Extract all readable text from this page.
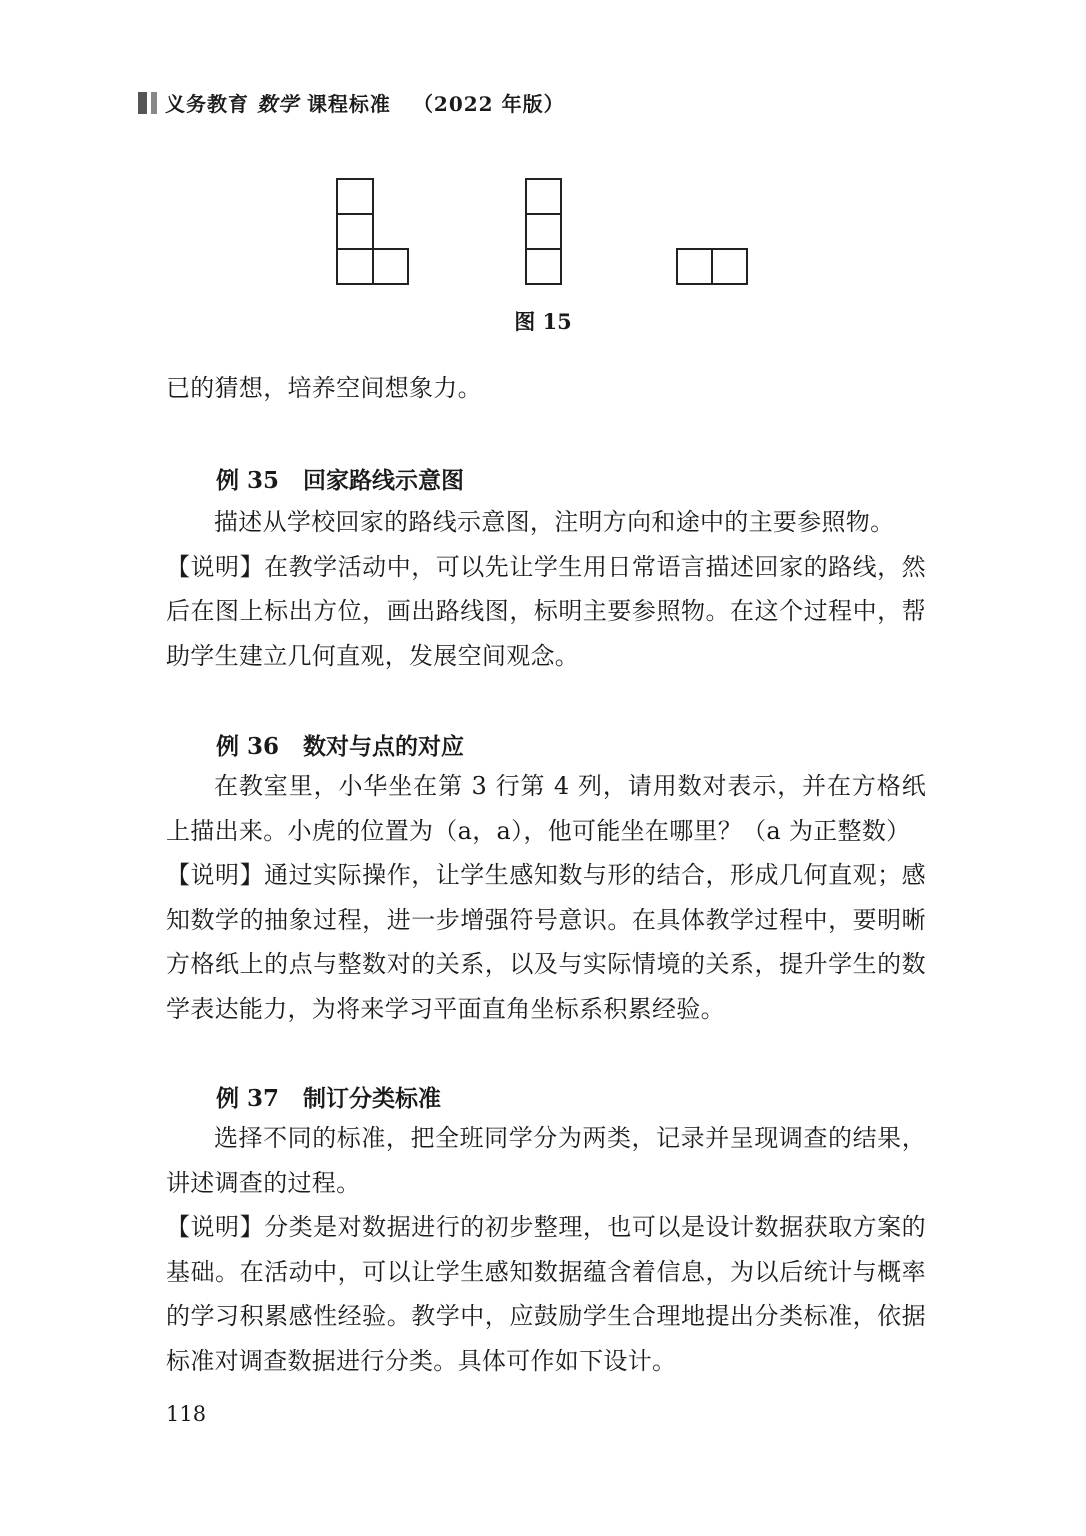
义务教育 数学 课程标准 （2022 年版）
图 15

已的猜想，培养空间想象力。

例 35 回家路线示意图

描述从学校回家的路线示意图，注明方向和途中的主要参照物。

【说明】在教学活动中，可以先让学生用日常语言描述回家的路线，然后在图上标出方位，画出路线图，标明主要参照物。在这个过程中，帮助学生建立几何直观，发展空间观念。

例 36 数对与点的对应

在教室里，小华坐在第 3 行第 4 列，请用数对表示，并在方格纸上描出来。小虎的位置为（a，a），他可能坐在哪里？（a 为正整数）

【说明】通过实际操作，让学生感知数与形的结合，形成几何直观；感知数学的抽象过程，进一步增强符号意识。在具体教学过程中，要明晰方格纸上的点与整数对的关系，以及与实际情境的关系，提升学生的数学表达能力，为将来学习平面直角坐标系积累经验。

例 37 制订分类标准

选择不同的标准，把全班同学分为两类，记录并呈现调查的结果，讲述调查的过程。

【说明】分类是对数据进行的初步整理，也可以是设计数据获取方案的基础。在活动中，可以让学生感知数据蕴含着信息，为以后统计与概率的学习积累感性经验。教学中，应鼓励学生合理地提出分类标准，依据标准对调查数据进行分类。具体可作如下设计。

118
